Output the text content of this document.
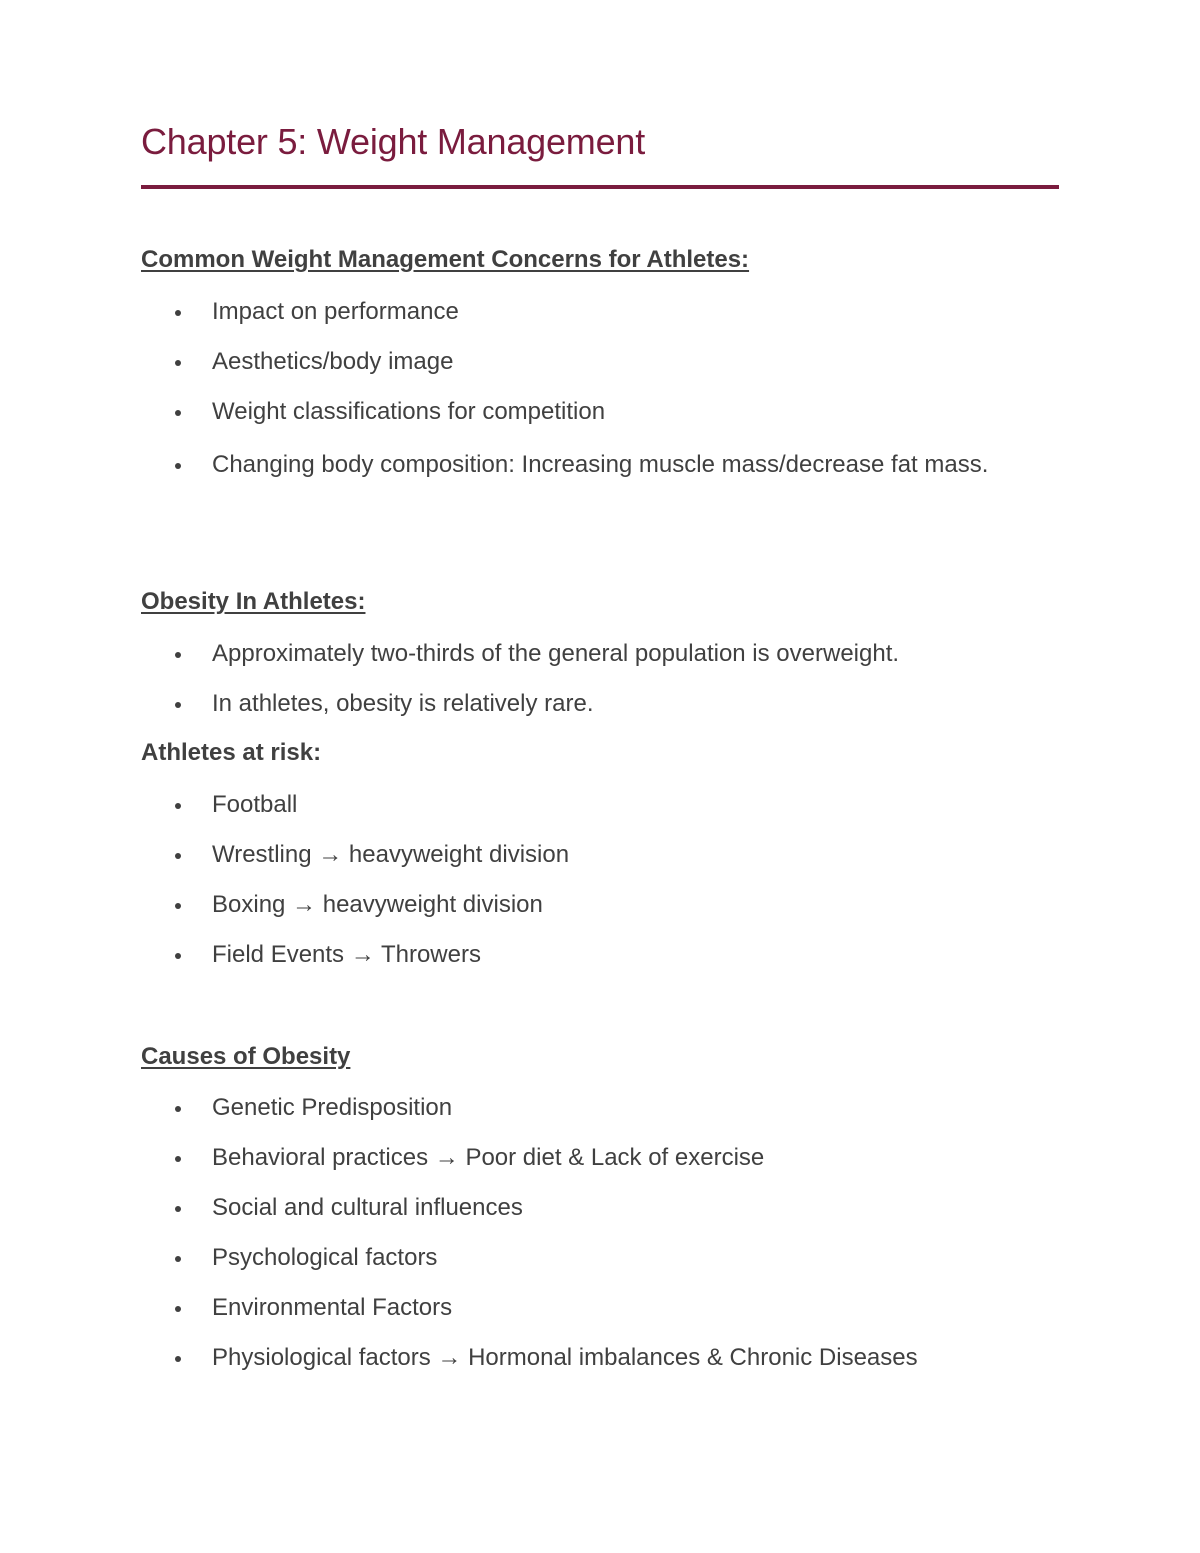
Chapter 5: Weight Management
Common Weight Management Concerns for Athletes:
Impact on performance
Aesthetics/body image
Weight classifications for competition
Changing body composition: Increasing muscle mass/decrease fat mass.
Obesity In Athletes:
Approximately two-thirds of the general population is overweight.
In athletes, obesity is relatively rare.
Athletes at risk:
Football
Wrestling → heavyweight division
Boxing → heavyweight division
Field Events → Throwers
Causes of Obesity
Genetic Predisposition
Behavioral practices → Poor diet & Lack of exercise
Social and cultural influences
Psychological factors
Environmental Factors
Physiological factors → Hormonal imbalances & Chronic Diseases
